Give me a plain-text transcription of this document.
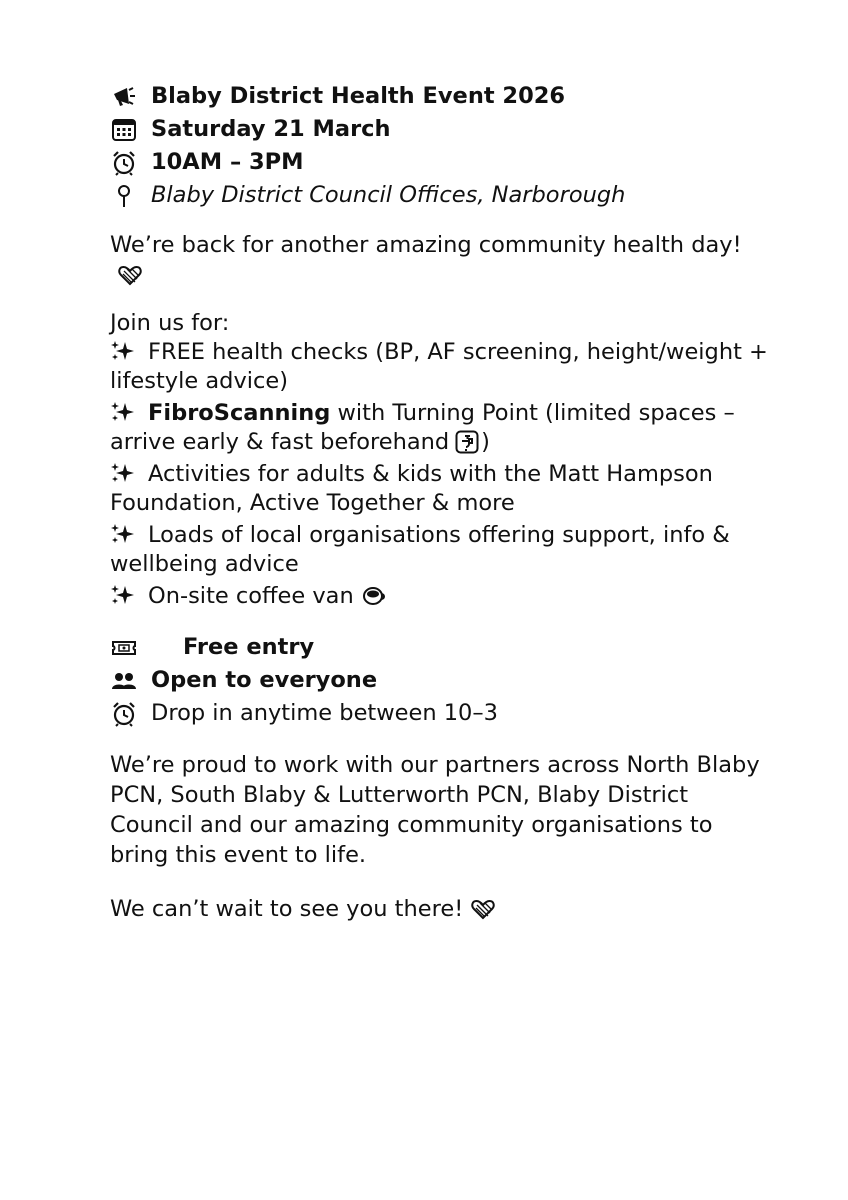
Blaby District Health Event 2026
Saturday 21 March
10AM – 3PM
Blaby District Council Offices, Narborough

We’re back for another amazing community health day!

Join us for:

FREE health checks (BP, AF screening, height/weight + lifestyle advice)

FibroScanning with Turning Point (limited spaces – arrive early & fast beforehand )

Activities for adults & kids with the Matt Hampson Foundation, Active Together & more

Loads of local organisations offering support, info & wellbeing advice

On-site coffee van

Free entry
Open to everyone
Drop in anytime between 10–3

We’re proud to work with our partners across North Blaby PCN, South Blaby & Lutterworth PCN, Blaby District Council and our amazing community organisations to bring this event to life.

We can’t wait to see you there!
